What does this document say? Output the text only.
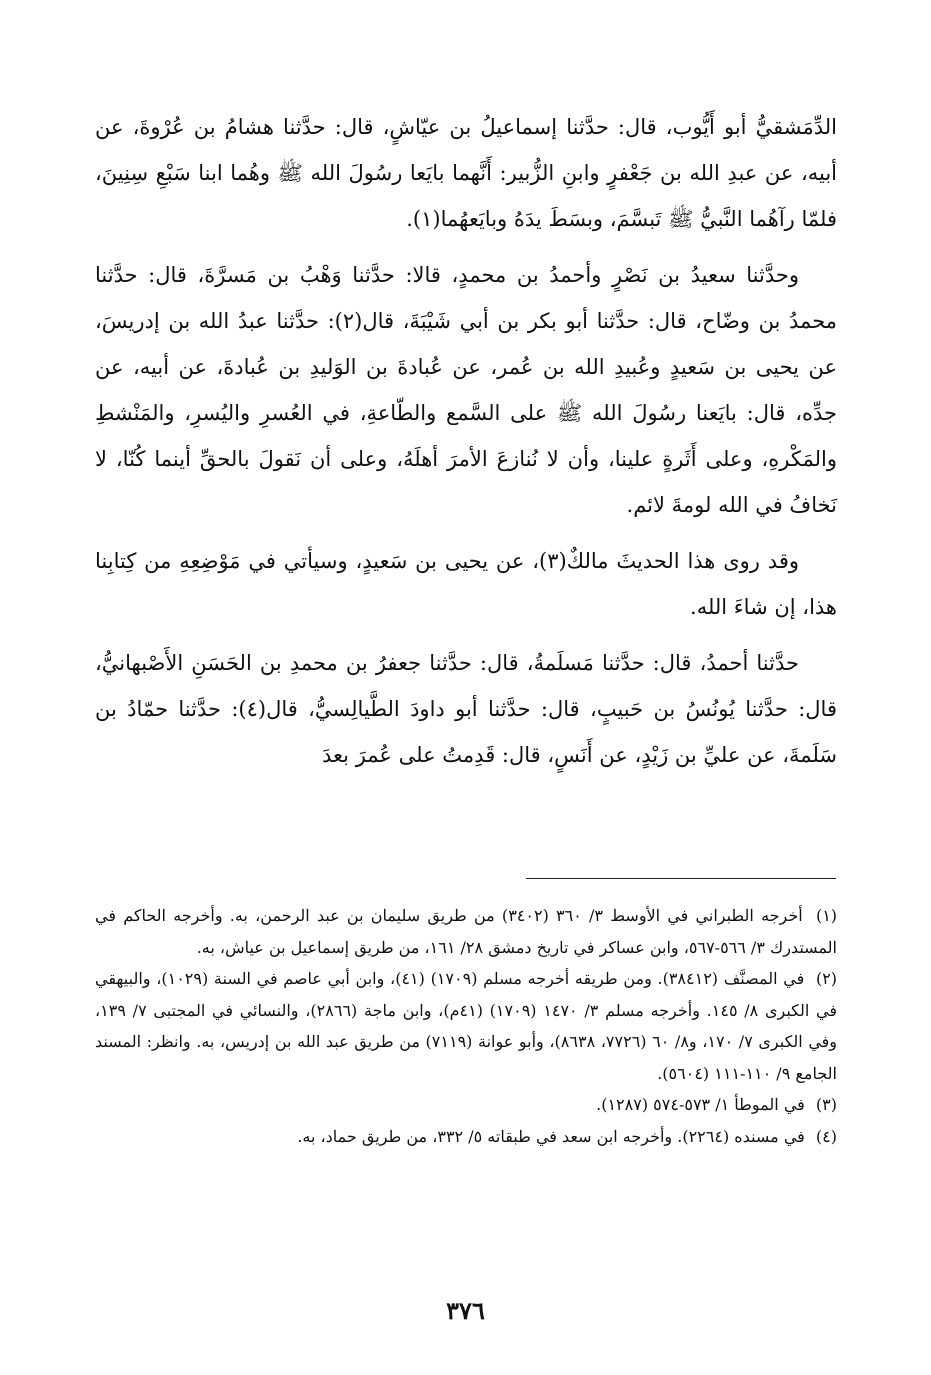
الدِّمَشقيُّ أبو أَيُّوب، قال: حدَّثنا إسماعيلُ بن عيّاشٍ، قال: حدَّثنا هشامُ بن عُرْوةَ، عن أبيه، عن عبدِ الله بن جَعْفرٍ وابنِ الزُّبير: أَنَّهما بايَعا رسُولَ الله ﷺ وهُما ابنا سَبْعِ سِنِينَ، فلمّا رآهُما النَّبيُّ ﷺ تَبسَّمَ، وبسَطَ يدَهُ وبايَعهُما(١).

وحدَّثنا سعيدُ بن نَصْرٍ وأحمدُ بن محمدٍ، قالا: حدَّثنا وَهْبُ بن مَسرَّةَ، قال: حدَّثنا محمدُ بن وضّاح، قال: حدَّثنا أبو بكر بن أبي شَيْبَةَ، قال(٢): حدَّثنا عبدُ الله بن إدريسَ، عن يحيى بن سَعيدٍ وعُبيدِ الله بن عُمر، عن عُبادةَ بن الوَليدِ بن عُبادةَ، عن أبيه، عن جدِّه، قال: بايَعنا رسُولَ الله ﷺ على السَّمع والطّاعةِ، في العُسرِ واليُسرِ، والمَنْشطِ والمَكْرهِ، وعلى أَثَرةٍ علينا، وأن لا نُنازعَ الأمرَ أهلَهُ، وعلى أن نَقولَ بالحقِّ أينما كُنّا، لا نَخافُ في الله لومةَ لائم.

وقد روى هذا الحديثَ مالكٌ(٣)، عن يحيى بن سَعيدٍ، وسيأتي في مَوْضِعِهِ من كِتابِنا هذا، إن شاءَ الله.

حدَّثنا أحمدُ، قال: حدَّثنا مَسلَمةُ، قال: حدَّثنا جعفرُ بن محمدِ بن الحَسَنِ الأَصْبهانيُّ، قال: حدَّثنا يُونُسُ بن حَبيبٍ، قال: حدَّثنا أبو داودَ الطَّيالِسيُّ، قال(٤): حدَّثنا حمّادُ بن سَلَمةَ، عن عليِّ بن زَيْدٍ، عن أَنَسٍ، قال: قَدِمتُ على عُمرَ بعدَ

(١) أخرجه الطبراني في الأوسط ٣/ ٣٦٠ (٣٤٠٢) من طريق سليمان بن عبد الرحمن، به. وأخرجه الحاكم في المستدرك ٣/ ٥٦٦-٥٦٧، وابن عساكر في تاريخ دمشق ٢٨/ ١٦١، من طريق إسماعيل بن عياش، به.

(٢) في المصنَّف (٣٨٤١٢). ومن طريقه أخرجه مسلم (١٧٠٩) (٤١)، وابن أبي عاصم في السنة (١٠٢٩)، والبيهقي في الكبرى ٨/ ١٤٥. وأخرجه مسلم ٣/ ١٤٧٠ (١٧٠٩) (٤١م)، وابن ماجة (٢٨٦٦)، والنسائي في المجتبى ٧/ ١٣٩، وفي الكبرى ٧/ ١٧٠، و٨/ ٦٠ (٧٧٢٦، ٨٦٣٨)، وأبو عوانة (٧١١٩) من طريق عبد الله بن إدريس، به. وانظر: المسند الجامع ٩/ ١١٠-١١١ (٥٦٠٤).

(٣) في الموطأ ١/ ٥٧٣-٥٧٤ (١٢٨٧).

(٤) في مسنده (٢٢٦٤). وأخرجه ابن سعد في طبقاته ٥/ ٣٣٢، من طريق حماد، به.

٣٧٦
